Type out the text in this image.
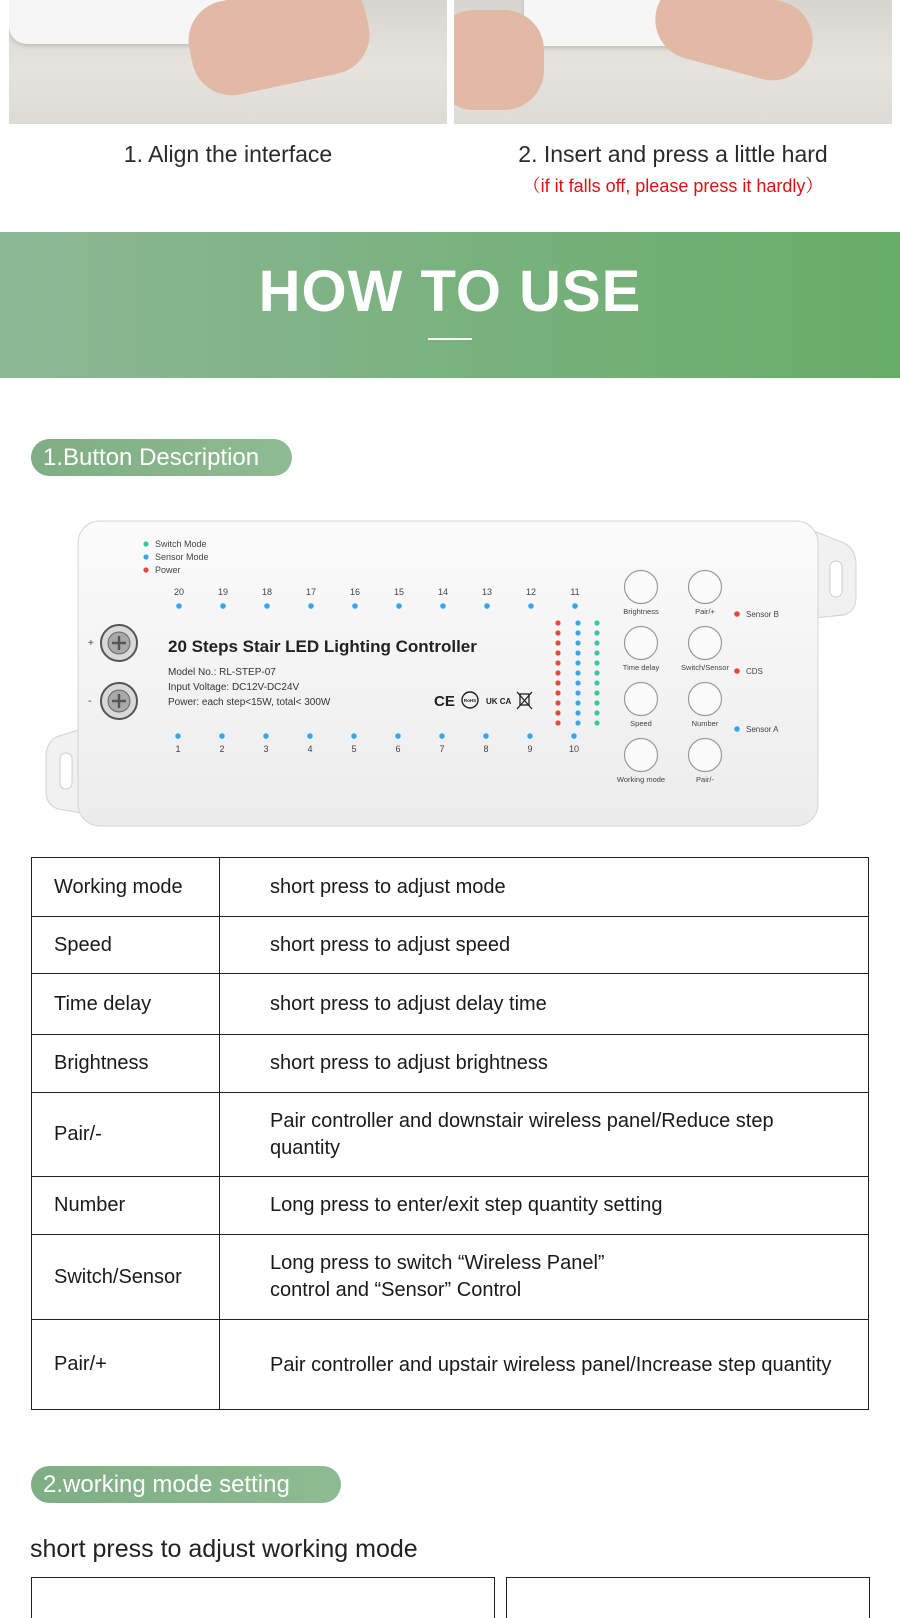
1. Align the interface	2. Insert and press a little hard
（if it falls off, please press it hardly）
HOW TO USE
1.Button Description
Switch Mode
Sensor Mode
Power
20	19	18	17	16	15	14	13	12	11
+
-
20 Steps Stair LED Lighting Controller
Model No.: RL-STEP-07
Input Voltage: DC12V-DC24V
Power: each step<15W, total< 300W	CE RoHS UK CA
1	2	3	4	5	6	7	8	9	10
Brightness	Pair/+
Time delay	Switch/Sensor
Speed	Number
Working mode	Pair/-
Sensor B
CDS
Sensor A
Working mode	short press to adjust mode
Speed	short press to adjust speed
Time delay	short press to adjust delay time
Brightness	short press to adjust brightness
Pair/-	Pair controller and downstair wireless panel/Reduce step quantity
Number	Long press to enter/exit step quantity setting
Switch/Sensor	Long press to switch “Wireless Panel” control and “Sensor” Control
Pair/+	Pair controller and upstair wireless panel/Increase step quantity
2.working mode setting
short press to adjust working mode
